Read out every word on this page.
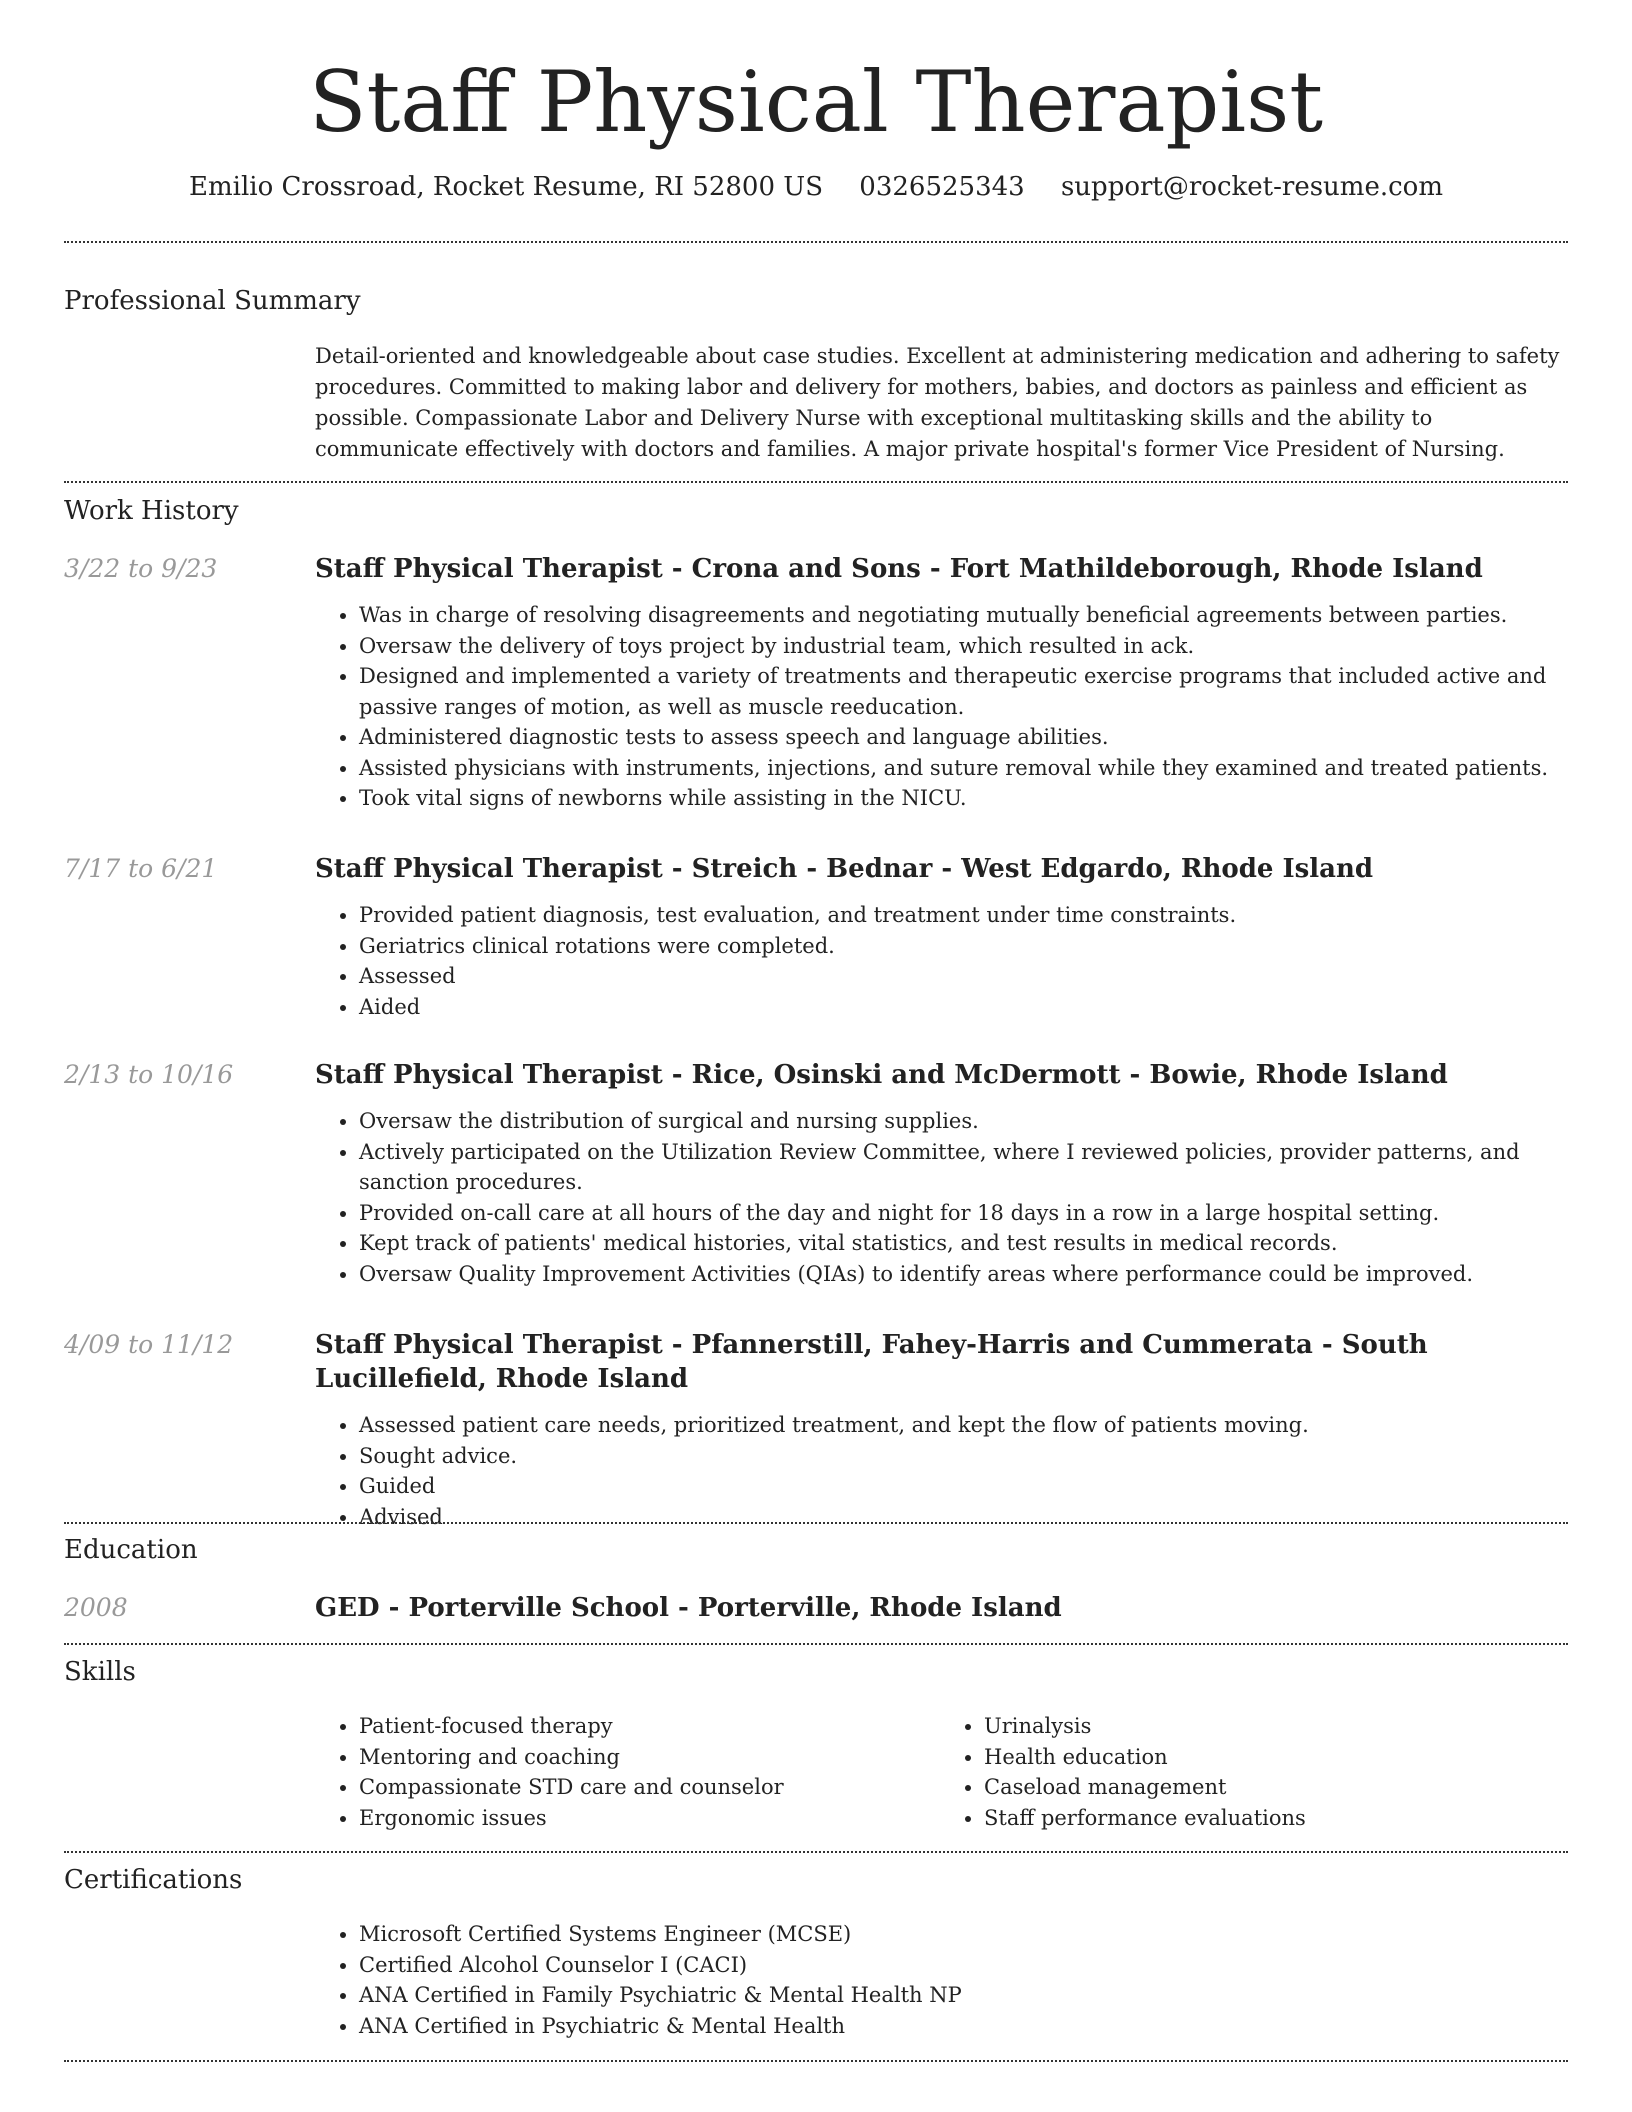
Staff Physical Therapist
Emilio Crossroad, Rocket Resume, RI 52800 US 0326525343 support@rocket-resume.com
Professional Summary

Detail-oriented and knowledgeable about case studies. Excellent at administering medication and adhering to safety procedures. Committed to making labor and delivery for mothers, babies, and doctors as painless and efficient as possible. Compassionate Labor and Delivery Nurse with exceptional multitasking skills and the ability to communicate effectively with doctors and families. A major private hospital's former Vice President of Nursing.

Work History
3/22 to 9/23	Staff Physical Therapist - Crona and Sons - Fort Mathildeborough, Rhode Island
• Was in charge of resolving disagreements and negotiating mutually beneficial agreements between parties.
• Oversaw the delivery of toys project by industrial team, which resulted in ack.
• Designed and implemented a variety of treatments and therapeutic exercise programs that included active and passive ranges of motion, as well as muscle reeducation.
• Administered diagnostic tests to assess speech and language abilities.
• Assisted physicians with instruments, injections, and suture removal while they examined and treated patients.
• Took vital signs of newborns while assisting in the NICU.
7/17 to 6/21	Staff Physical Therapist - Streich - Bednar - West Edgardo, Rhode Island
• Provided patient diagnosis, test evaluation, and treatment under time constraints.
• Geriatrics clinical rotations were completed.
• Assessed
• Aided
2/13 to 10/16	Staff Physical Therapist - Rice, Osinski and McDermott - Bowie, Rhode Island
• Oversaw the distribution of surgical and nursing supplies.
• Actively participated on the Utilization Review Committee, where I reviewed policies, provider patterns, and sanction procedures.
• Provided on-call care at all hours of the day and night for 18 days in a row in a large hospital setting.
• Kept track of patients' medical histories, vital statistics, and test results in medical records.
• Oversaw Quality Improvement Activities (QIAs) to identify areas where performance could be improved.
4/09 to 11/12	Staff Physical Therapist - Pfannerstill, Fahey-Harris and Cummerata - South Lucillefield, Rhode Island
• Assessed patient care needs, prioritized treatment, and kept the flow of patients moving.
• Sought advice.
• Guided
• Advised
Education
2008	GED - Porterville School - Porterville, Rhode Island
Skills
• Patient-focused therapy
• Mentoring and coaching
• Compassionate STD care and counselor
• Ergonomic issues
• Urinalysis
• Health education
• Caseload management
• Staff performance evaluations
Certifications
• Microsoft Certified Systems Engineer (MCSE)
• Certified Alcohol Counselor I (CACI)
• ANA Certified in Family Psychiatric & Mental Health NP
• ANA Certified in Psychiatric & Mental Health
